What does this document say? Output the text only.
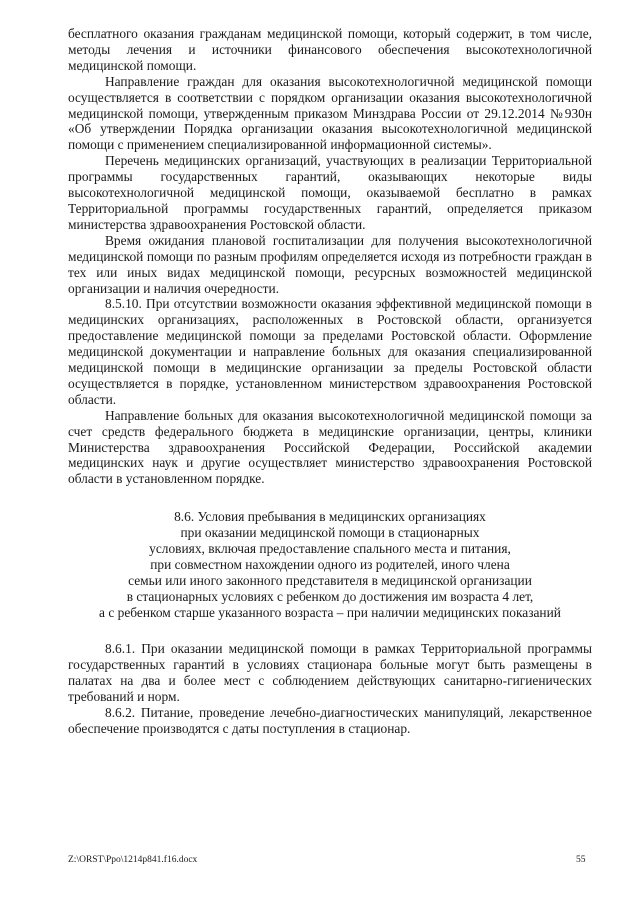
бесплатного оказания гражданам медицинской помощи, который содержит, в том числе, методы лечения и источники финансового обеспечения высокотехнологичной медицинской помощи.

Направление граждан для оказания высокотехнологичной медицинской помощи осуществляется в соответствии с порядком организации оказания высокотехнологичной медицинской помощи, утвержденным приказом Минздрава России от 29.12.2014 №930н «Об утверждении Порядка организации оказания высокотехнологичной медицинской помощи с применением специализированной информационной системы».

Перечень медицинских организаций, участвующих в реализации Территориальной программы государственных гарантий, оказывающих некоторые виды высокотехнологичной медицинской помощи, оказываемой бесплатно в рамках Территориальной программы государственных гарантий, определяется приказом министерства здравоохранения Ростовской области.

Время ожидания плановой госпитализации для получения высокотехнологичной медицинской помощи по разным профилям определяется исходя из потребности граждан в тех или иных видах медицинской помощи, ресурсных возможностей медицинской организации и наличия очередности.

8.5.10. При отсутствии возможности оказания эффективной медицинской помощи в медицинских организациях, расположенных в Ростовской области, организуется предоставление медицинской помощи за пределами Ростовской области. Оформление медицинской документации и направление больных для оказания специализированной медицинской помощи в медицинские организации за пределы Ростовской области осуществляется в порядке, установленном министерством здравоохранения Ростовской области.

Направление больных для оказания высокотехнологичной медицинской помощи за счет средств федерального бюджета в медицинские организации, центры, клиники Министерства здравоохранения Российской Федерации, Российской академии медицинских наук и другие осуществляет министерство здравоохранения Ростовской области в установленном порядке.

8.6. Условия пребывания в медицинских организациях
при оказании медицинской помощи в стационарных
условиях, включая предоставление спального места и питания,
при совместном нахождении одного из родителей, иного члена
семьи или иного законного представителя в медицинской организации
в стационарных условиях с ребенком до достижения им возраста 4 лет,
а с ребенком старше указанного возраста – при наличии медицинских показаний

8.6.1. При оказании медицинской помощи в рамках Территориальной программы государственных гарантий в условиях стационара больные могут быть размещены в палатах на два и более мест с соблюдением действующих санитарно-гигиенических требований и норм.

8.6.2. Питание, проведение лечебно-диагностических манипуляций, лекарственное обеспечение производятся с даты поступления в стационар.

Z:\ORST\Ppo\1214p841.f16.docx	55
